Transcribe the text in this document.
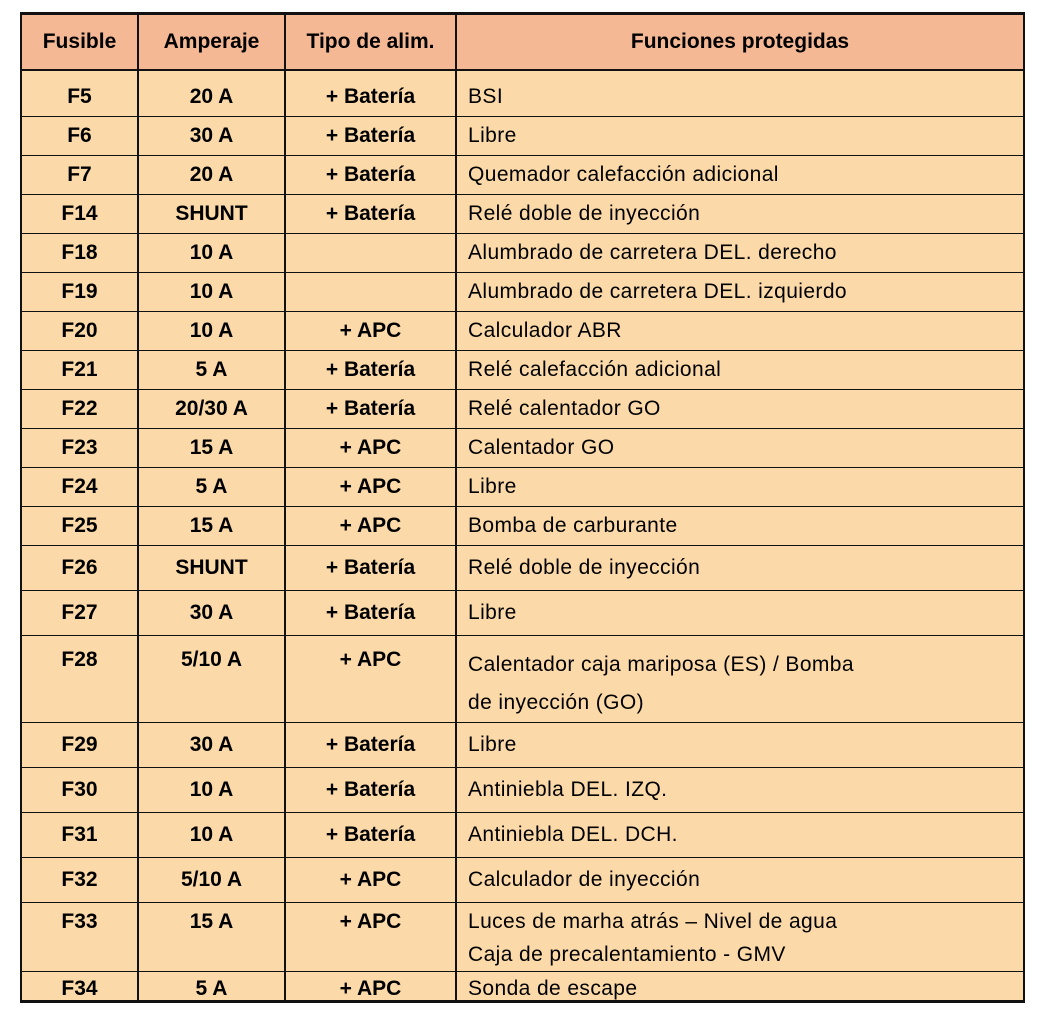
Fusible	Amperaje	Tipo de alim.	Funciones protegidas
F5	20 A	+ Batería	BSI

F6	30 A	+ Batería	Libre

F7	20 A	+ Batería	Quemador calefacción adicional

F14	SHUNT	+ Batería	Relé doble de inyección

F18	10 A		Alumbrado de carretera DEL. derecho

F19	10 A		Alumbrado de carretera DEL. izquierdo

F20	10 A	+ APC	Calculador ABR

F21	5 A	+ Batería	Relé calefacción adicional

F22	20/30 A	+ Batería	Relé calentador GO

F23	15 A	+ APC	Calentador GO

F24	5 A	+ APC	Libre

F25	15 A	+ APC	Bomba de carburante

F26	SHUNT	+ Batería	Relé doble de inyección

F27	30 A	+ Batería	Libre

F28	5/10 A	+ APC	Calentador caja mariposa (ES) / Bomba
de inyección (GO)

F29	30 A	+ Batería	Libre

F30	10 A	+ Batería	Antiniebla DEL. IZQ.

F31	10 A	+ Batería	Antiniebla DEL. DCH.

F32	5/10 A	+ APC	Calculador de inyección

F33	15 A	+ APC	Luces de marha atrás – Nivel de agua
Caja de precalentamiento - GMV

F34	5 A	+ APC	Sonda de escape
